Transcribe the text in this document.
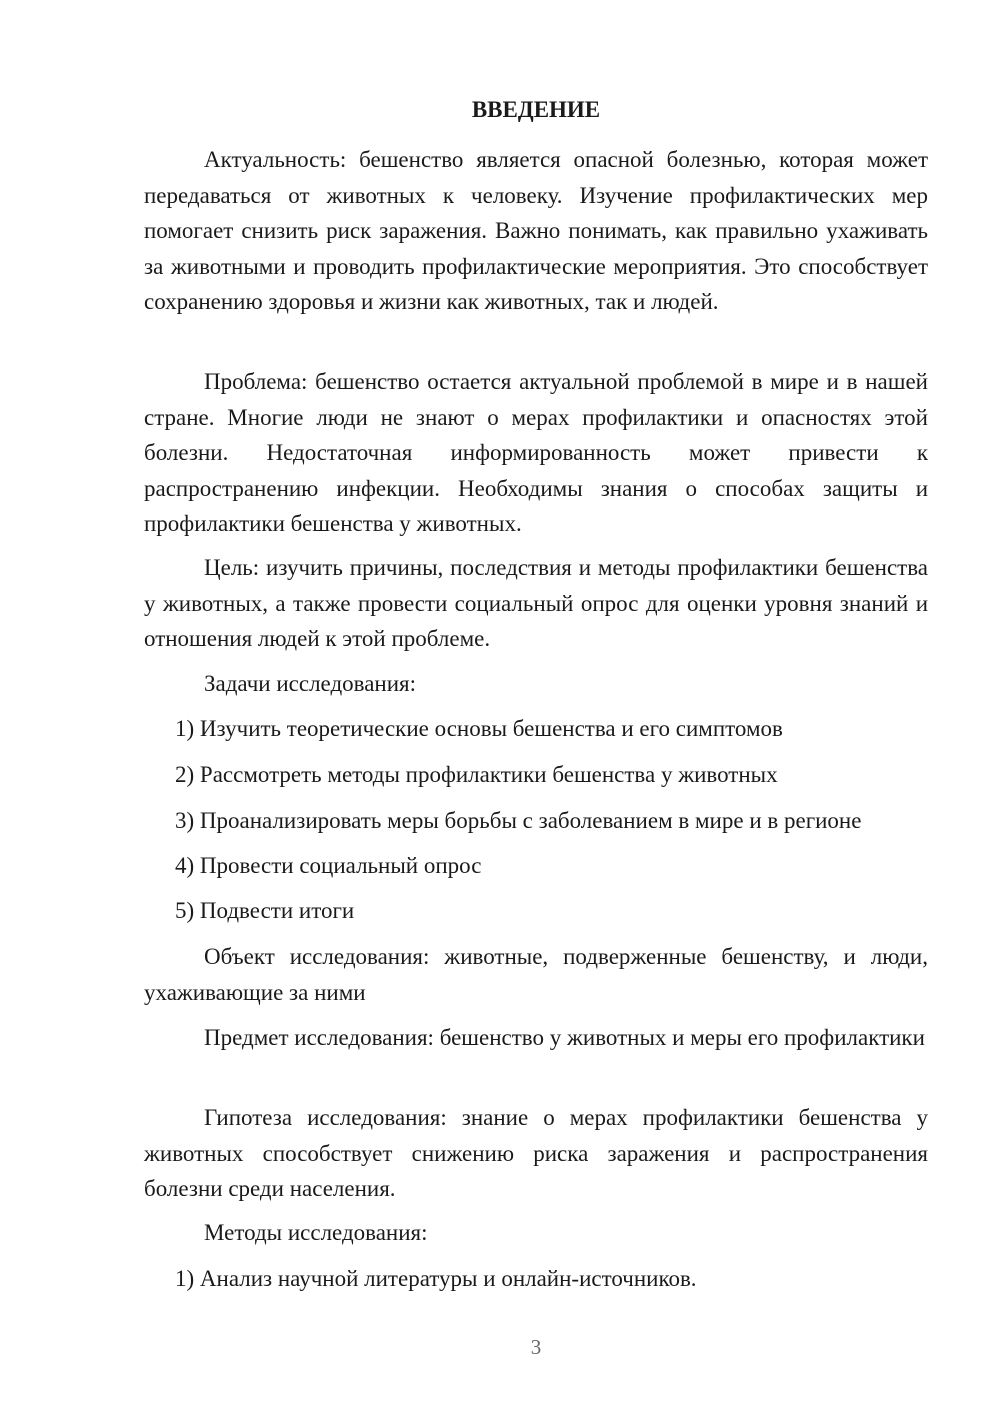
ВВЕДЕНИЕ

Актуальность: бешенство является опасной болезнью, которая может передаваться от животных к человеку. Изучение профилактических мер помогает снизить риск заражения. Важно понимать, как правильно ухаживать за животными и проводить профилактические мероприятия. Это способствует сохранению здоровья и жизни как животных, так и людей.

Проблема: бешенство остается актуальной проблемой в мире и в нашей стране. Многие люди не знают о мерах профилактики и опасностях этой болезни. Недостаточная информированность может привести к распространению инфекции. Необходимы знания о способах защиты и профилактики бешенства у животных.

Цель: изучить причины, последствия и методы профилактики бешенства у животных, а также провести социальный опрос для оценки уровня знаний и отношения людей к этой проблеме.

Задачи исследования:
1) Изучить теоретические основы бешенства и его симптомов
2) Рассмотреть методы профилактики бешенства у животных
3) Проанализировать меры борьбы с заболеванием в мире и в регионе
4) Провести социальный опрос
5) Подвести итоги

Объект исследования: животные, подверженные бешенству, и люди, ухаживающие за ними

Предмет исследования: бешенство у животных и меры его профилактики

Гипотеза исследования: знание о мерах профилактики бешенства у животных способствует снижению риска заражения и распространения болезни среди населения.

Методы исследования:
1) Анализ научной литературы и онлайн-источников.
3
